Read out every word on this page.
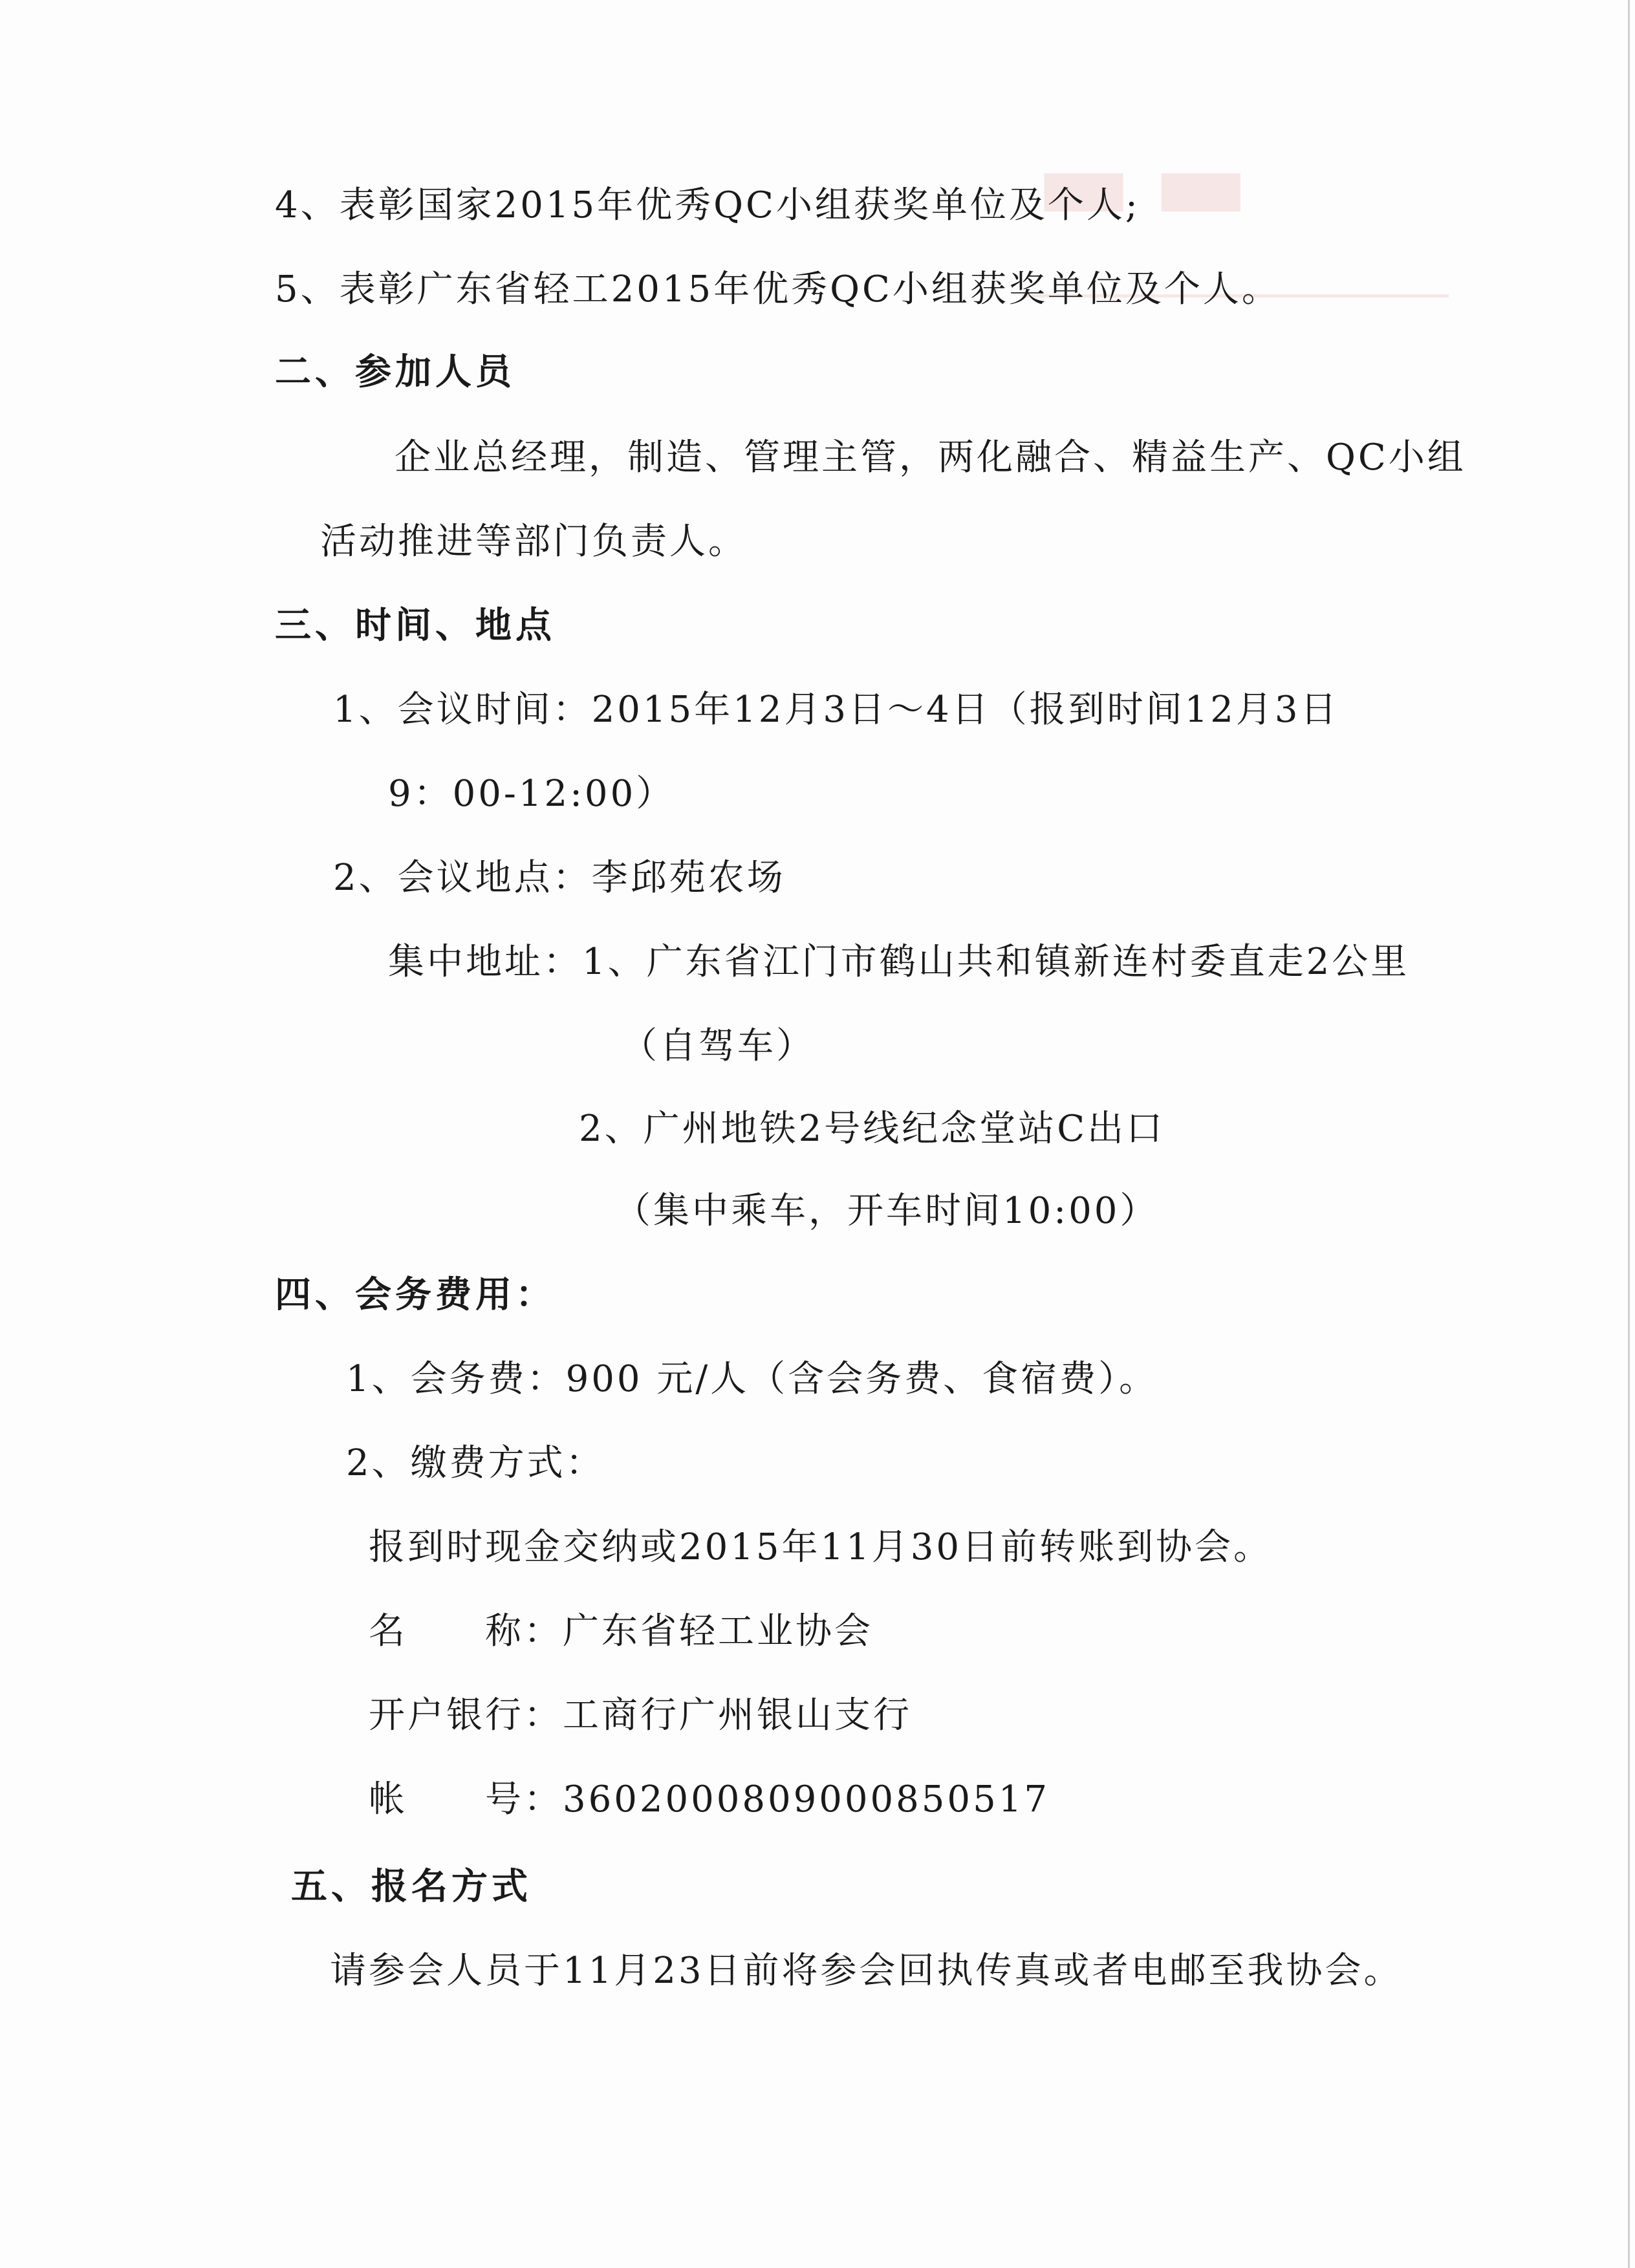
▬▬
4、表彰国家2015年优秀QC小组获奖单位及个人;
5、表彰广东省轻工2015年优秀QC小组获奖单位及个人。
二、参加人员
企业总经理，制造、管理主管，两化融合、精益生产、QC小组
活动推进等部门负责人。
三、时间、地点
1、会议时间：2015年12月3日～4日（报到时间12月3日
9：00-12:00）
2、会议地点：李邱苑农场
集中地址：1、广东省江门市鹤山共和镇新连村委直走2公里
（自驾车）
2、广州地铁2号线纪念堂站C出口
（集中乘车，开车时间10:00）
四、会务费用：
1、会务费：900 元/人（含会务费、食宿费）。
2、缴费方式：
报到时现金交纳或2015年11月30日前转账到协会。
名　　称：广东省轻工业协会
开户银行：工商行广州银山支行
帐　　号：3602000809000850517
五、报名方式
请参会人员于11月23日前将参会回执传真或者电邮至我协会。
